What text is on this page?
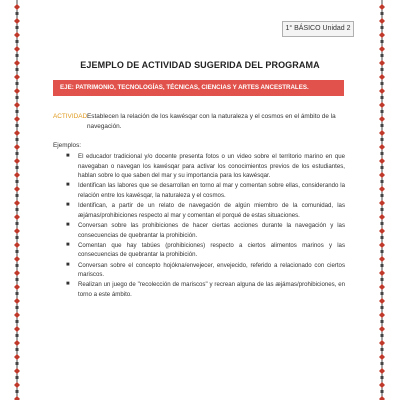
1° BÁSICO Unidad 2
EJEMPLO DE ACTIVIDAD SUGERIDA DEL PROGRAMA
EJE: PATRIMONIO, TECNOLOGÍAS, TÉCNICAS, CIENCIAS Y ARTES ANCESTRALES.
ACTIVIDAD:Establecen la relación de los kawésqar con la naturaleza y el cosmos en el ámbito de la navegación.
Ejemplos:
■ El educador tradicional y/o docente presenta fotos o un video sobre el territorio marino en que navegaban o navegan los kawésqar para activar los conocimientos previos de los estudiantes, hablan sobre lo que saben del mar y su importancia para los kawésqar.
■ Identifican las labores que se desarrollan en torno al mar y comentan sobre ellas, considerando la relación entre los kawésqar, la naturaleza y el cosmos.
■ Identifican, a partir de un relato de navegación de algún miembro de la comunidad, las æjámas/prohibiciones respecto al mar y comentan el porqué de estas situaciones.
■ Conversan sobre las prohibiciones de hacer ciertas acciones durante la navegación y las consecuencias de quebrantar la prohibición.
■ Comentan que hay tabúes (prohibiciones) respecto a ciertos alimentos marinos y las consecuencias de quebrantar la prohibición.
■ Conversan sobre el concepto hojókna/envejecer, envejecido, referido a relacionado con ciertos mariscos.
■ Realizan un juego de "recolección de mariscos" y recrean alguna de las æjámas/prohibiciones, en torno a este ámbito.
